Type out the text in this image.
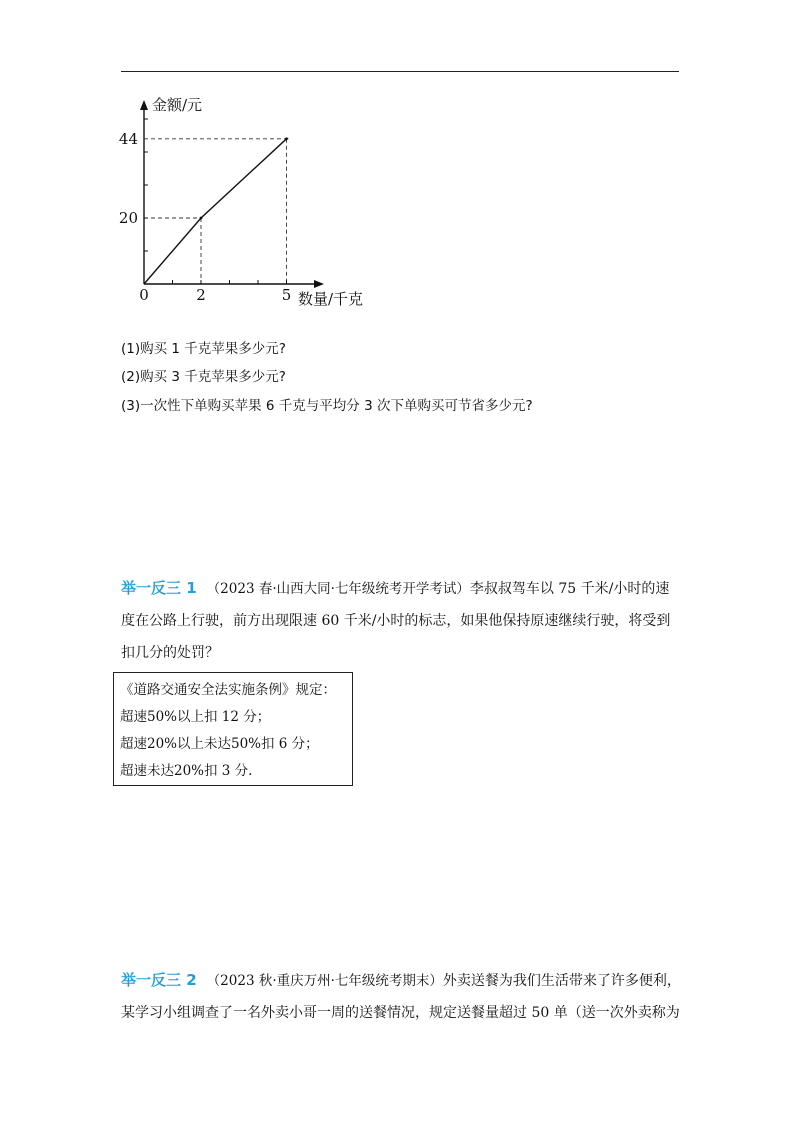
0	2	5
20
44
金额/元
数量/千克
(1)购买 1 千克苹果多少元?
(2)购买 3 千克苹果多少元?
(3)一次性下单购买苹果 6 千克与平均分 3 次下单购买可节省多少元?
举一反三 1 （2023 春·山西大同·七年级统考开学考试）李叔叔驾车以 75 千米/小时的速度在公路上行驶，前方出现限速 60 千米/小时的标志，如果他保持原速继续行驶，将受到扣几分的处罚？
《道路交通安全法实施条例》规定：
超速50%以上扣 12 分；
超速20%以上未达50%扣 6 分；
超速未达20%扣 3 分.
举一反三 2 （2023 秋·重庆万州·七年级统考期末）外卖送餐为我们生活带来了许多便利，某学习小组调查了一名外卖小哥一周的送餐情况，规定送餐量超过 50 单（送一次外卖称为
